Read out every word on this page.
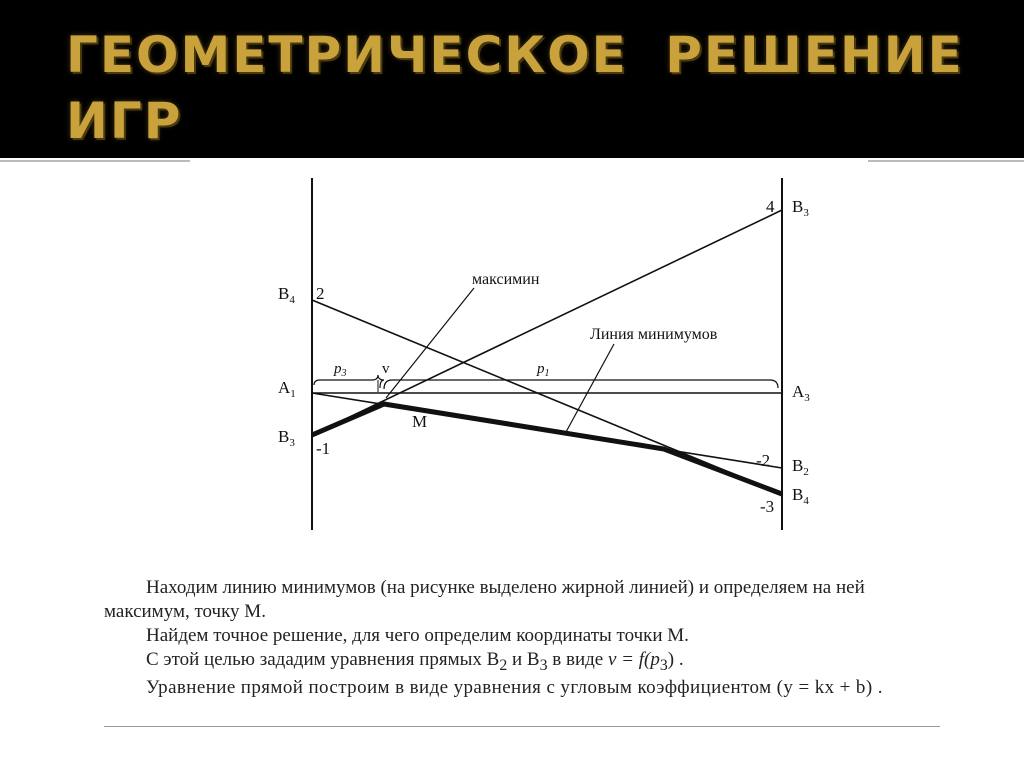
ГЕОМЕТРИЧЕСКОЕ РЕШЕНИЕ ИГР
$B_4$ 2
$A_1$
$B_3$ -1
4 $B_3$
$A_3$
-2 $B_2$
$B_4$
-3
максимин
Линия минимумов
$p_3$ v	$p_1$
M

Находим линию минимумов (на рисунке выделено жирной линией) и определяем на ней максимум, точку М.

Найдем точное решение, для чего определим координаты точки М.

С этой целью зададим уравнения прямых $В_2$ и $В_3$ в виде $v = f(p_3)$ .

Уравнение прямой построим в виде уравнения с угловым коэффициентом (y = kx + b) .
